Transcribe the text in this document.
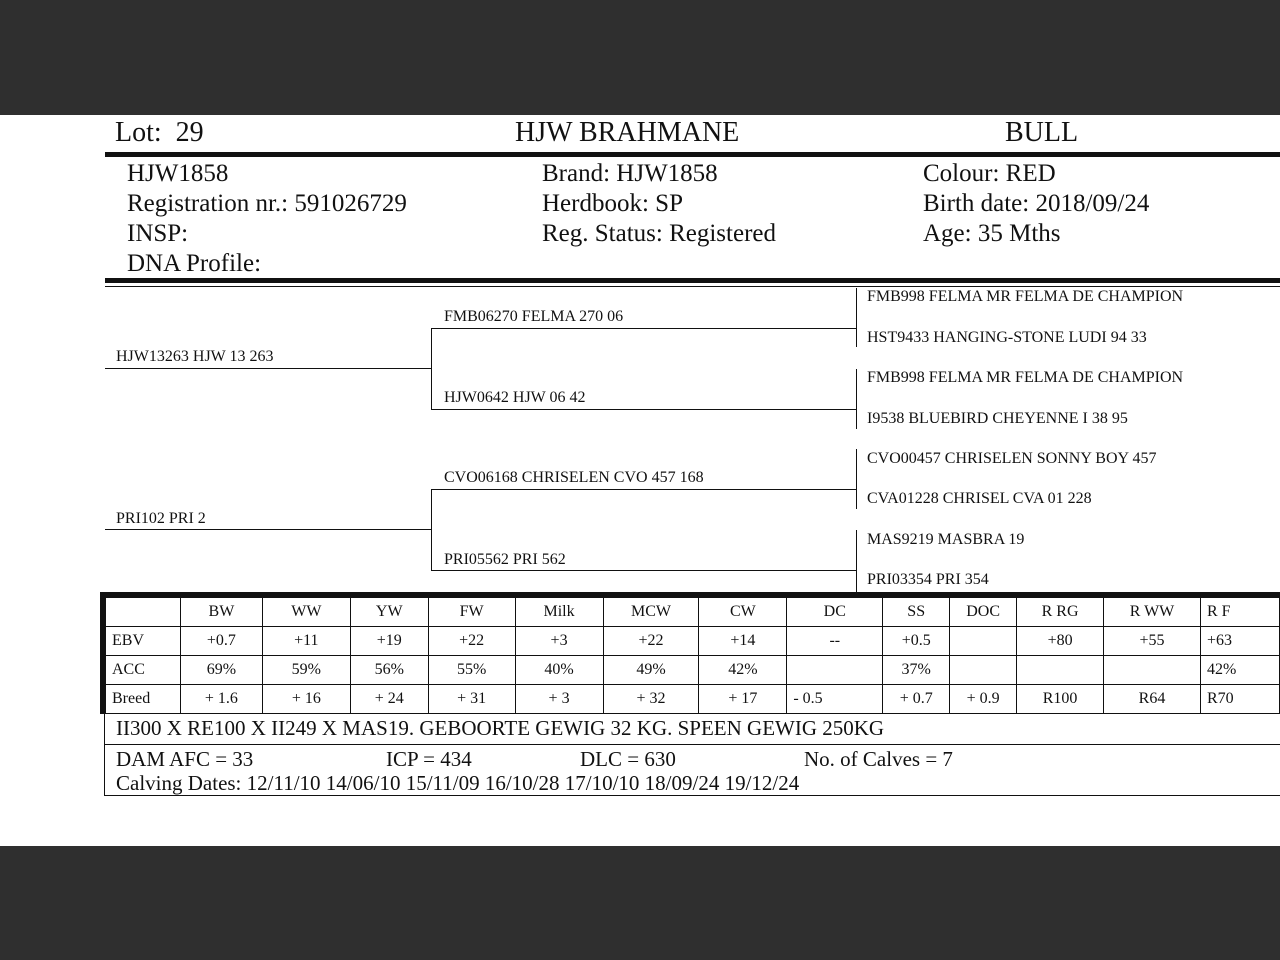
Lot: 29	HJW BRAHMANE	BULL
HJW1858
Registration nr.: 591026729
INSP:
DNA Profile:
Brand: HJW1858
Herdbook: SP
Reg. Status: Registered
Colour: RED
Birth date: 2018/09/24
Age: 35 Mths
HJW13263 HJW 13 263
PRI102 PRI 2
FMB06270 FELMA 270 06
HJW0642 HJW 06 42
CVO06168 CHRISELEN CVO 457 168
PRI05562 PRI 562
FMB998 FELMA MR FELMA DE CHAMPION
HST9433 HANGING-STONE LUDI 94 33
FMB998 FELMA MR FELMA DE CHAMPION
I9538 BLUEBIRD CHEYENNE I 38 95
CVO00457 CHRISELEN SONNY BOY 457
CVA01228 CHRISEL CVA 01 228
MAS9219 MASBRA 19
PRI03354 PRI 354
	BW	WW	YW	FW	Milk	MCW	CW	DC	SS	DOC	R RG	R WW	R F
EBV	+0.7	+11	+19	+22	+3	+22	+14	--	+0.5		+80	+55	+63
ACC	69%	59%	56%	55%	40%	49%	42%		37%				42%
Breed	+ 1.6	+ 16	+ 24	+ 31	+ 3	+ 32	+ 17	- 0.5	+ 0.7	+ 0.9	R100	R64	R70
II300 X RE100 X II249 X MAS19. GEBOORTE GEWIG 32 KG. SPEEN GEWIG 250KG
DAM AFC = 33	ICP = 434	DLC = 630	No. of Calves = 7
Calving Dates: 12/11/10 14/06/10 15/11/09 16/10/28 17/10/10 18/09/24 19/12/24
